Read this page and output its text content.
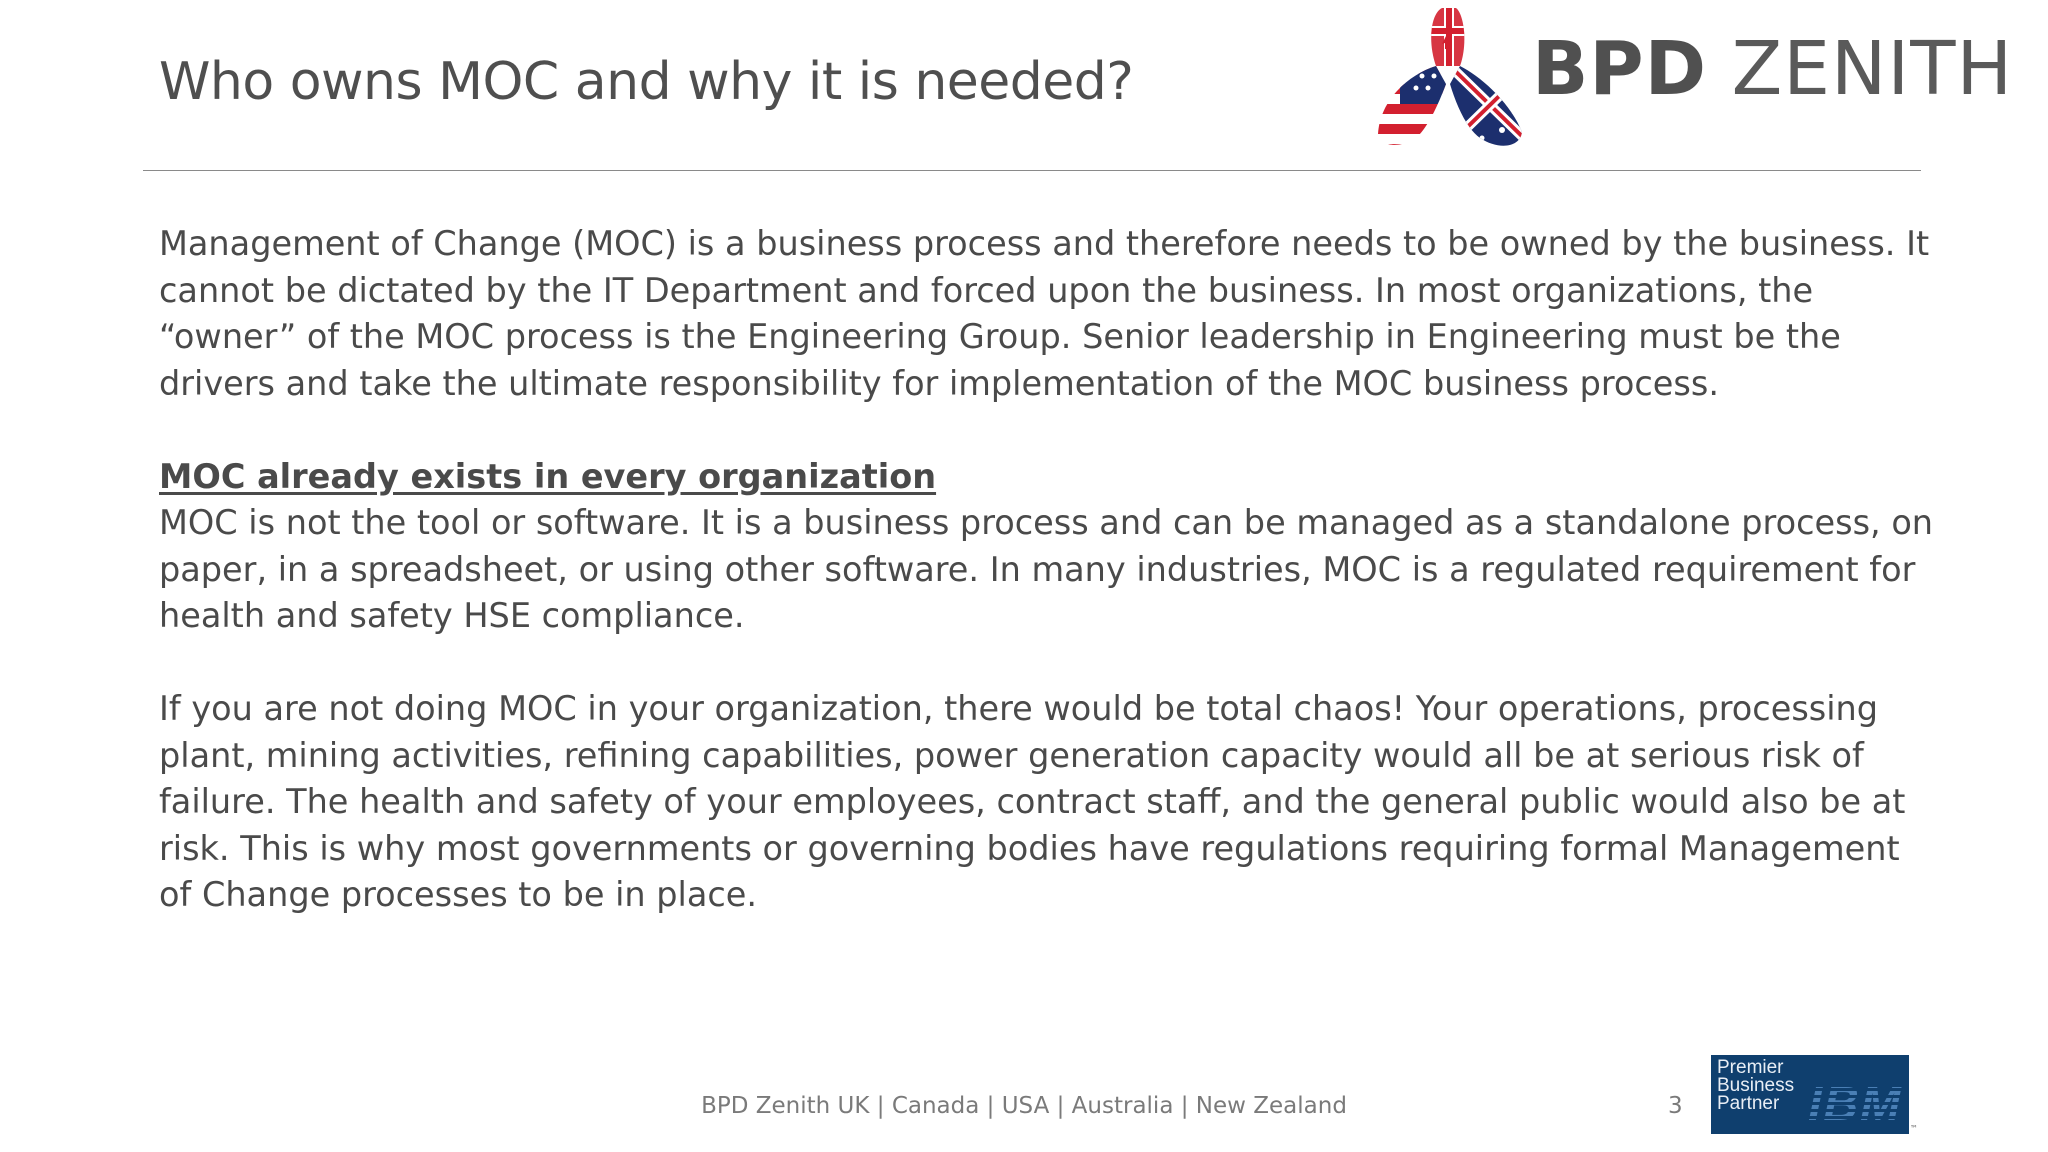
Who owns MOC and why it is needed?	BPD ZENITH

Management of Change (MOC) is a business process and therefore needs to be owned by the business. It cannot be dictated by the IT Department and forced upon the business. In most organizations, the “owner” of the MOC process is the Engineering Group. Senior leadership in Engineering must be the drivers and take the ultimate responsibility for implementation of the MOC business process.

MOC already exists in every organization
MOC is not the tool or software. It is a business process and can be managed as a standalone process, on paper, in a spreadsheet, or using other software. In many industries, MOC is a regulated requirement for health and safety HSE compliance.

If you are not doing MOC in your organization, there would be total chaos! Your operations, processing plant, mining activities, refining capabilities, power generation capacity would all be at serious risk of failure. The health and safety of your employees, contract staff, and the general public would also be at risk. This is why most governments or governing bodies have regulations requiring formal Management of Change processes to be in place.

BPD Zenith UK | Canada | USA | Australia | New Zealand	3
Premier
Business
Partner IBM ™
